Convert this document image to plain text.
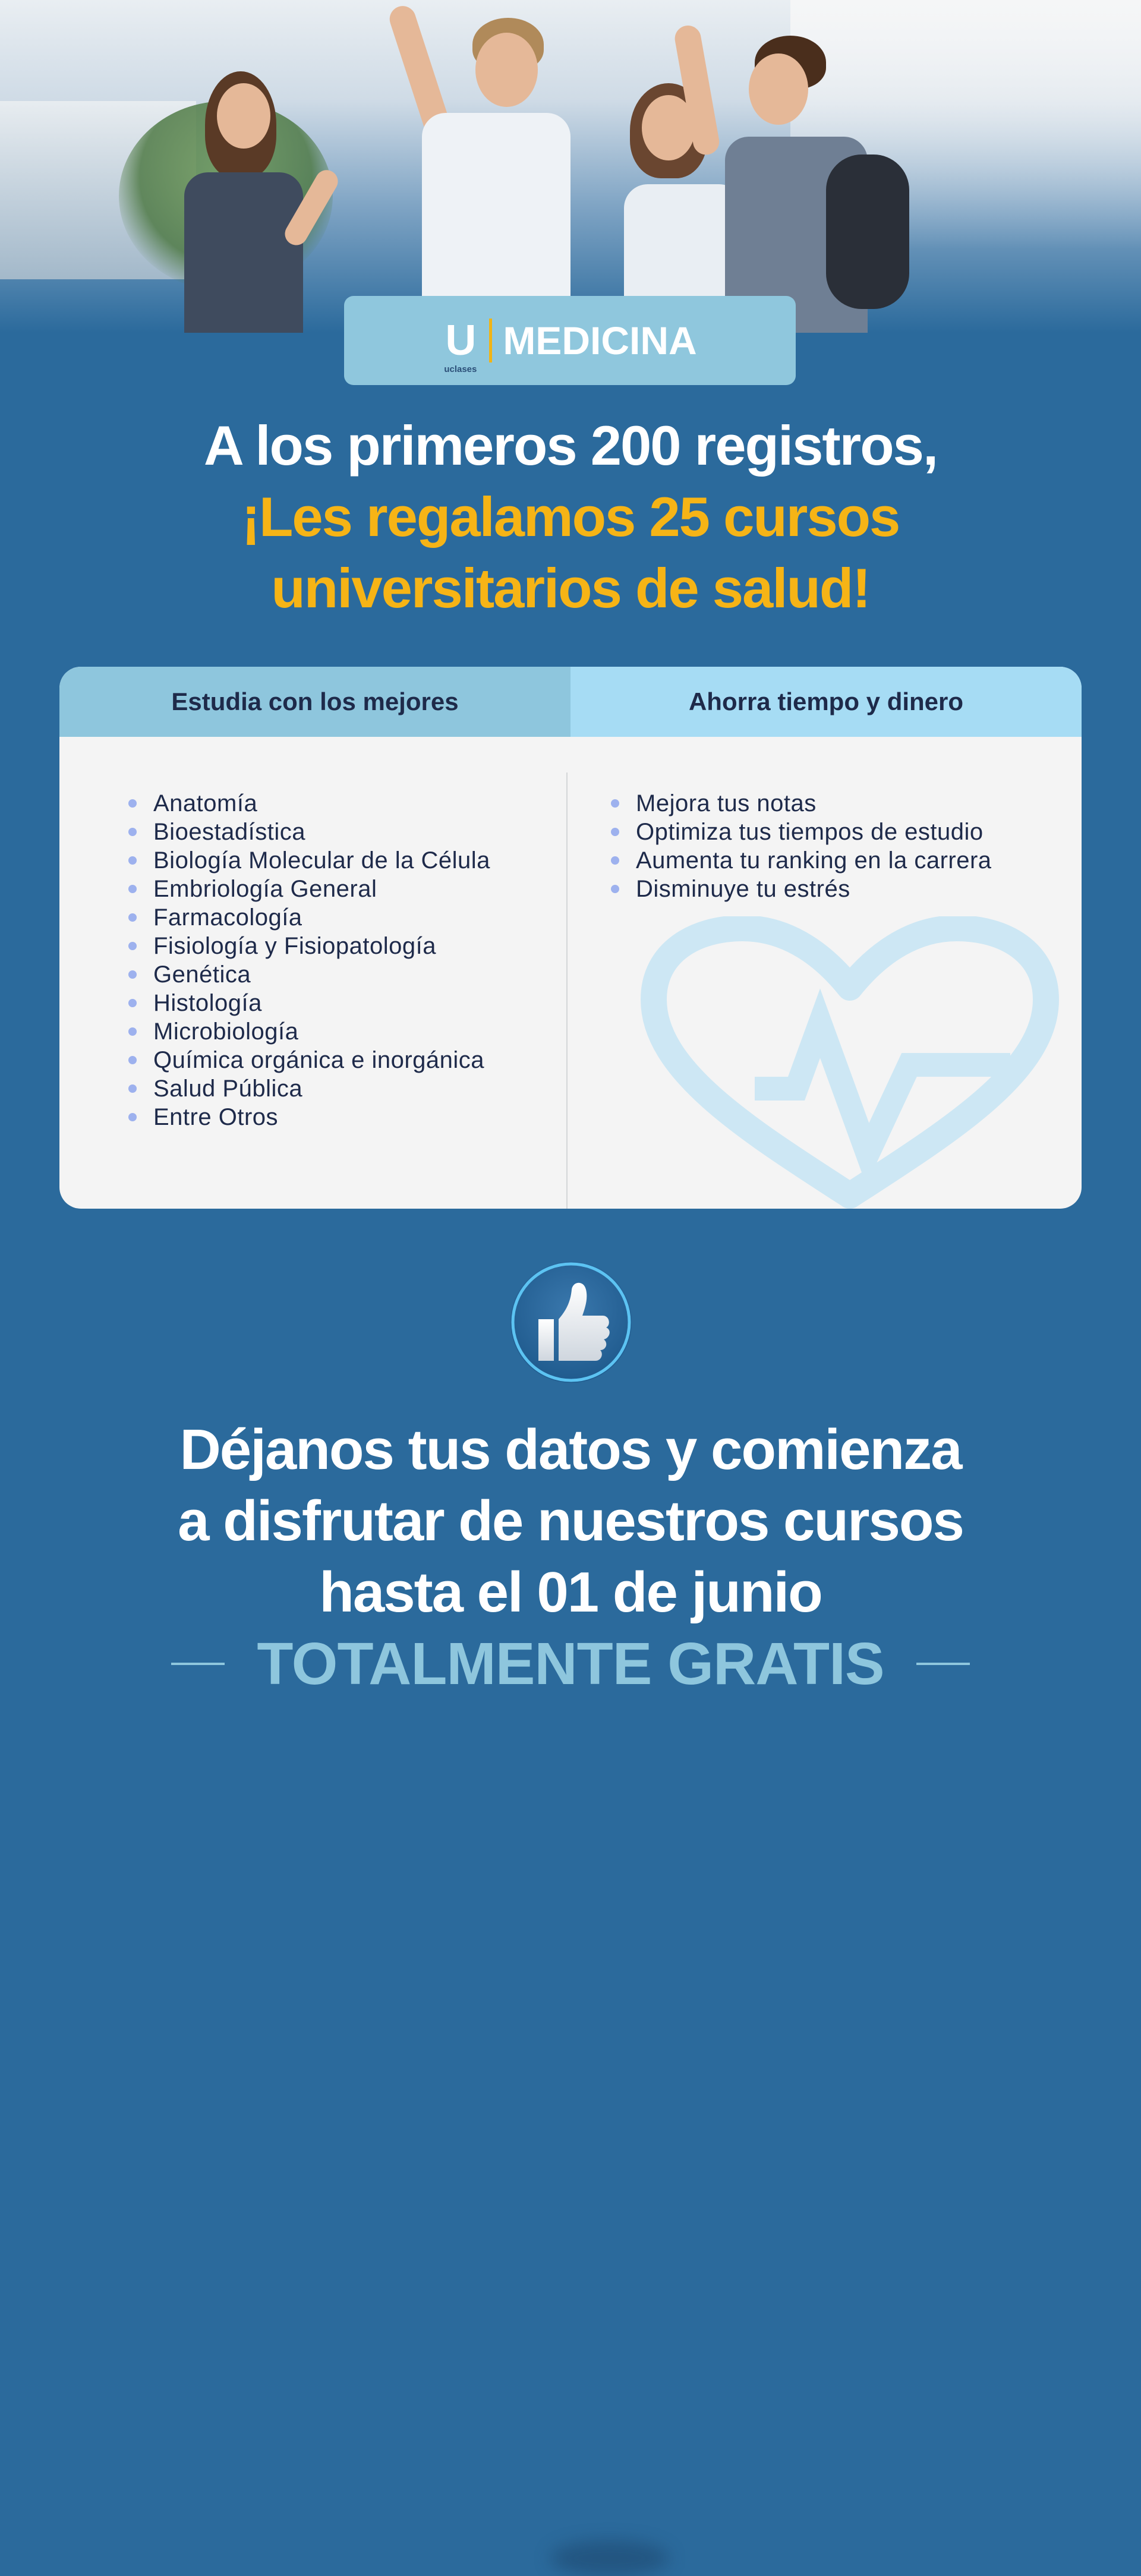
U
uclases
MEDICINA
A los primeros 200 registros,
¡Les regalamos 25 cursos
universitarios de salud!
Estudia con los mejores	Ahorra tiempo y dinero
Anatomía
Bioestadística
Biología Molecular de la Célula
Embriología General
Farmacología
Fisiología y Fisiopatología
Genética
Histología
Microbiología
Química orgánica e inorgánica
Salud Pública
Entre Otros
Mejora tus notas
Optimiza tus tiempos de estudio
Aumenta tu ranking en la carrera
Disminuye tu estrés
Déjanos tus datos y comienza
a disfrutar de nuestros cursos
hasta el 01 de junio
TOTALMENTE GRATIS
